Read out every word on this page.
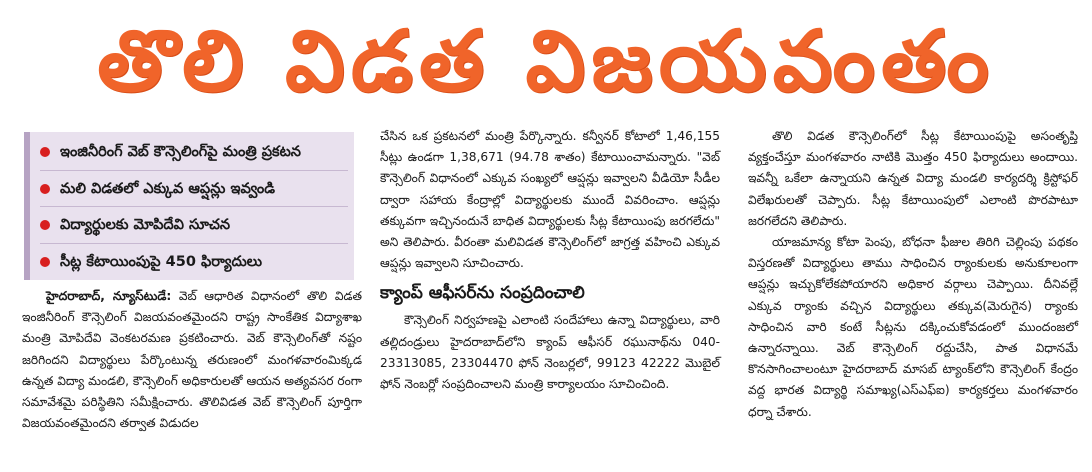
తొలి విడత విజయవంతం
ఇంజినీరింగ్ వెబ్ కౌన్సెలింగ్‌పై మంత్రి ప్రకటన
మలి విడతలో ఎక్కువ ఆప్షన్లు ఇవ్వండి
విద్యార్థులకు మోపిదేవి సూచన
సీట్ల కేటాయింపుపై 450 ఫిర్యాదులు

హైదరాబాద్, న్యూస్‌టుడే: వెబ్ ఆధారిత విధానంలో తొలి విడత ఇంజినీరింగ్ కౌన్సెలింగ్ విజయవంతమైందని రాష్ట్ర సాంకేతిక విద్యాశాఖ మంత్రి మోపిదేవి వెంకటరమణ ప్రకటించారు. వెబ్ కౌన్సెలింగ్‌తో నష్టం జరిగిందని విద్యార్థులు పేర్కొంటున్న తరుణంలో మంగళవారంమిక్కడ ఉన్నత విద్యా మండలి, కౌన్సెలింగ్ అధికారులతో ఆయన అత్యవసర రంగా సమావేశమై పరిస్థితిని సమీక్షించారు. తొలివిడత వెబ్ కౌన్సెలింగ్ పూర్తిగా విజయవంతమైందని తర్వాత విడుదల

చేసిన ఒక ప్రకటనలో మంత్రి పేర్కొన్నారు. కన్వీనర్ కోటాలో 1,46,155 సీట్లు ఉండగా 1,38,671 (94.78 శాతం) కేటాయించామన్నారు. "వెబ్ కౌన్సెలింగ్ విధానంలో ఎక్కువ సంఖ్యలో ఆప్షన్లు ఇవ్వాలని వీడియో సీడీల ద్వారా సహాయ కేంద్రాల్లో విద్యార్థులకు ముందే వివరించాం. ఆప్షన్లు తక్కువగా ఇచ్చినందునే బాధిత విద్యార్థులకు సీట్ల కేటాయింపు జరగలేదు" అని తెలిపారు. వీరంతా మలివిడత కౌన్సెలింగ్‌లో జాగ్రత్త వహించి ఎక్కువ ఆప్షన్లు ఇవ్వాలని సూచించారు.

క్యాంప్ ఆఫీసర్‌ను సంప్రదించాలి

కౌన్సెలింగ్ నిర్వహణపై ఎలాంటి సందేహాలు ఉన్నా విద్యార్థులు, వారి తల్లిదండ్రులు హైదరాబాద్‌లోని క్యాంప్ ఆఫీసర్ రఘునాథ్‌ను 040-23313085, 23304470 ఫోన్ నెంబర్లలో, 99123 42222 మొబైల్ ఫోన్ నెంబర్లో సంప్రదించాలని మంత్రి కార్యాలయం సూచించింది.

తొలి విడత కౌన్సెలింగ్‌లో సీట్ల కేటాయింపుపై అసంతృప్తి వ్యక్తంచేస్తూ మంగళవారం నాటికి మొత్తం 450 ఫిర్యాదులు అందాయి. ఇవన్నీ ఒకేలా ఉన్నాయని ఉన్నత విద్యా మండలి కార్యదర్శి క్రిస్టోఫర్ విలేఖరులతో చెప్పారు. సీట్ల కేటాయింపులో ఎలాంటి పొరపాటూ జరగలేదని తెలిపారు.

యాజమాన్య కోటా పెంపు, బోధనా ఫీజుల తిరిగి చెల్లింపు పథకం విస్తరణతో విద్యార్థులు తాము సాధించిన ర్యాంకులకు అనుకూలంగా ఆప్షన్లు ఇచ్చుకోలేకపోయారని అధికార వర్గాలు చెప్పాయి. దీనివల్లే ఎక్కువ ర్యాంకు వచ్చిన విద్యార్థులు తక్కువ(మెరుగైన) ర్యాంకు సాధించిన వారి కంటే సీట్లను దక్కించుకోవడంలో ముందంజలో ఉన్నారన్నాయి. వెబ్ కౌన్సెలింగ్ రద్దుచేసి, పాత విధానమే కొనసాగించాలంటూ హైదరాబాద్ మాసబ్ ట్యాంక్‌లోని కౌన్సెలింగ్ కేంద్రం వద్ద భారత విద్యార్థి సమాఖ్య(ఎస్‌ఎఫ్‌ఐ) కార్యకర్తలు మంగళవారం ధర్నా చేశారు.
